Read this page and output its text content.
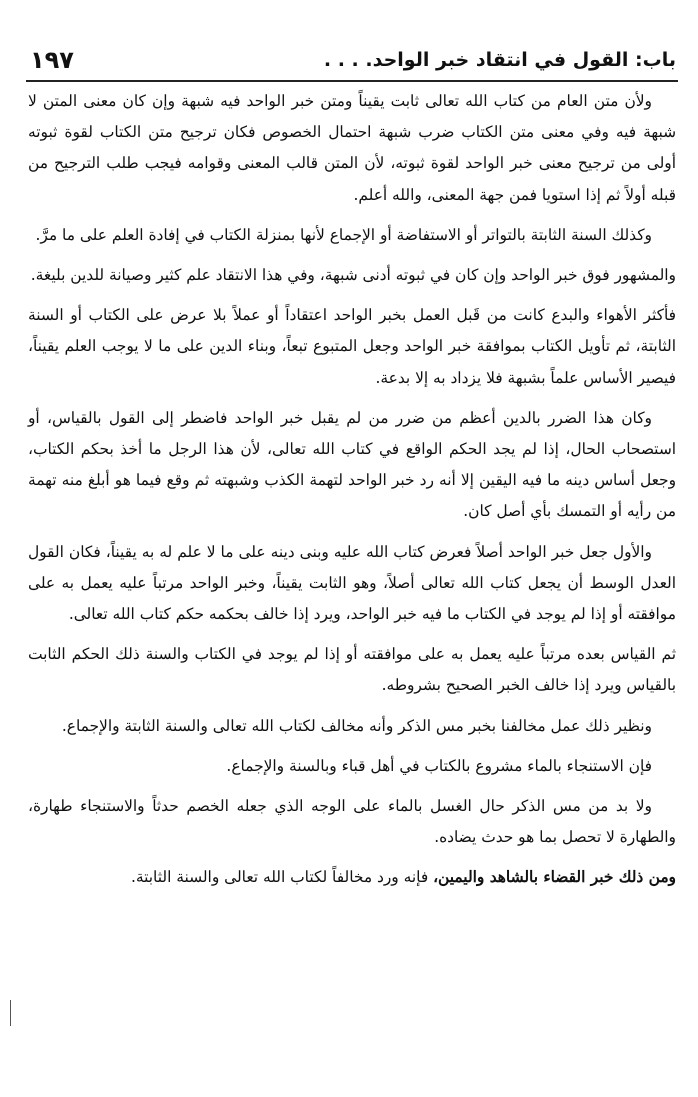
باب: القول في انتقاد خبر الواحد. . . .
١٩٧

ولأن متن العام من كتاب الله تعالى ثابت يقيناً ومتن خبر الواحد فيه شبهة وإن كان معنى المتن لا شبهة فيه وفي معنى متن الكتاب ضرب شبهة احتمال الخصوص فكان ترجيح متن الكتاب لقوة ثبوته أولى من ترجيح معنى خبر الواحد لقوة ثبوته، لأن المتن قالب المعنى وقوامه فيجب طلب الترجيح من قبله أولاً ثم إذا استويا فمن جهة المعنى، والله أعلم.

وكذلك السنة الثابتة بالتواتر أو الاستفاضة أو الإجماع لأنها بمنزلة الكتاب في إفادة العلم على ما مرَّ.

والمشهور فوق خبر الواحد وإن كان في ثبوته أدنى شبهة، وفي هذا الانتقاد علم كثير وصيانة للدين بليغة.

فأكثر الأهواء والبدع كانت من قَبل العمل بخبر الواحد اعتقاداً أو عملاً بلا عرض على الكتاب أو السنة الثابتة، ثم تأويل الكتاب بموافقة خبر الواحد وجعل المتبوع تبعاً، وبناء الدين على ما لا يوجب العلم يقيناً، فيصير الأساس علماً بشبهة فلا يزداد به إلا بدعة.

وكان هذا الضرر بالدين أعظم من ضرر من لم يقبل خبر الواحد فاضطر إلى القول بالقياس، أو استصحاب الحال، إذا لم يجد الحكم الواقع في كتاب الله تعالى، لأن هذا الرجل ما أخذ بحكم الكتاب، وجعل أساس دينه ما فيه اليقين إلا أنه رد خبر الواحد لتهمة الكذب وشبهته ثم وقع فيما هو أبلغ منه تهمة من رأيه أو التمسك بأي أصل كان.

والأول جعل خبر الواحد أصلاً فعرض كتاب الله عليه وبنى دينه على ما لا علم له به يقيناً، فكان القول العدل الوسط أن يجعل كتاب الله تعالى أصلاً، وهو الثابت يقيناً، وخبر الواحد مرتباً عليه يعمل به على موافقته أو إذا لم يوجد في الكتاب ما فيه خبر الواحد، ويرد إذا خالف بحكمه حكم كتاب الله تعالى.

ثم القياس بعده مرتباً عليه يعمل به على موافقته أو إذا لم يوجد في الكتاب والسنة ذلك الحكم الثابت بالقياس ويرد إذا خالف الخبر الصحيح بشروطه.

ونظير ذلك عمل مخالفنا بخبر مس الذكر وأنه مخالف لكتاب الله تعالى والسنة الثابتة والإجماع.

فإن الاستنجاء بالماء مشروع بالكتاب في أهل قباء وبالسنة والإجماع.

ولا بد من مس الذكر حال الغسل بالماء على الوجه الذي جعله الخصم حدثاً والاستنجاء طهارة، والطهارة لا تحصل بما هو حدث يضاده.

ومن ذلك خبر القضاء بالشاهد واليمين، فإنه ورد مخالفاً لكتاب الله تعالى والسنة الثابتة.
